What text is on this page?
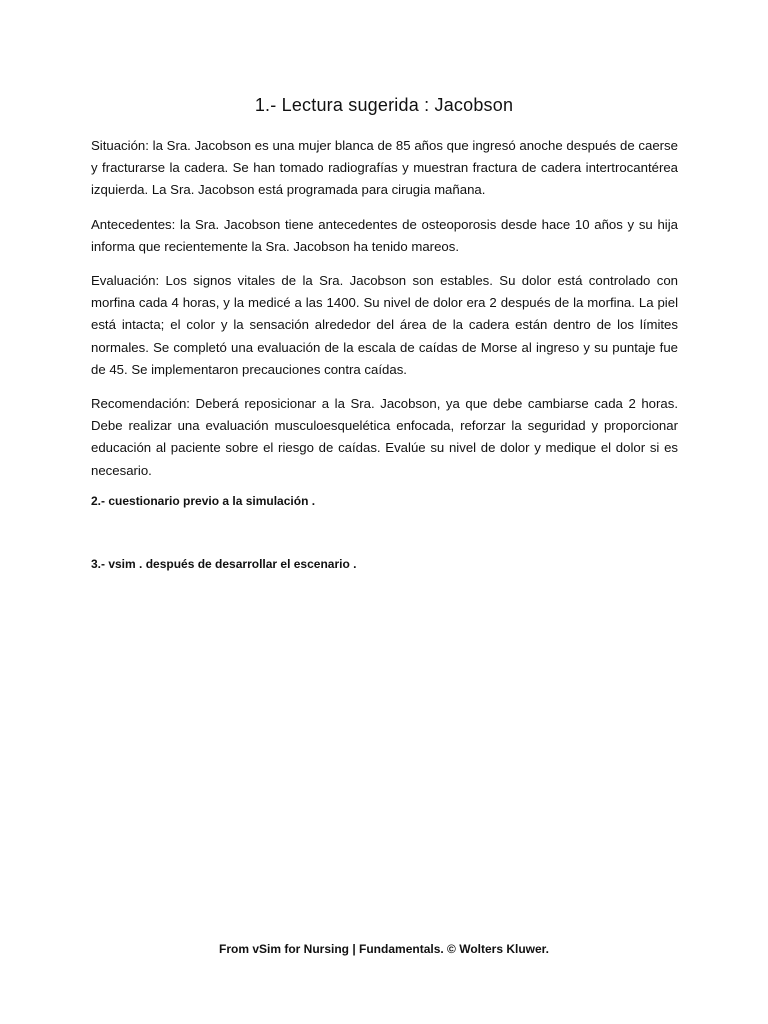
1.- Lectura sugerida : Jacobson

Situación: la Sra. Jacobson es una mujer blanca de 85 años que ingresó anoche después de caerse y fracturarse la cadera. Se han tomado radiografías y muestran fractura de cadera intertrocantérea izquierda. La Sra. Jacobson está programada para cirugia mañana.

Antecedentes: la Sra. Jacobson tiene antecedentes de osteoporosis desde hace 10 años y su hija informa que recientemente la Sra. Jacobson ha tenido mareos.

Evaluación: Los signos vitales de la Sra. Jacobson son estables. Su dolor está controlado con morfina cada 4 horas, y la medicé a las 1400. Su nivel de dolor era 2 después de la morfina. La piel está intacta; el color y la sensación alrededor del área de la cadera están dentro de los límites normales. Se completó una evaluación de la escala de caídas de Morse al ingreso y su puntaje fue de 45. Se implementaron precauciones contra caídas.

Recomendación: Deberá reposicionar a la Sra. Jacobson, ya que debe cambiarse cada 2 horas. Debe realizar una evaluación musculoesquelética enfocada, reforzar la seguridad y proporcionar educación al paciente sobre el riesgo de caídas. Evalúe su nivel de dolor y medique el dolor si es necesario.

2.- cuestionario previo a la simulación .

3.- vsim . después de desarrollar el escenario .

From vSim for Nursing | Fundamentals. © Wolters Kluwer.
